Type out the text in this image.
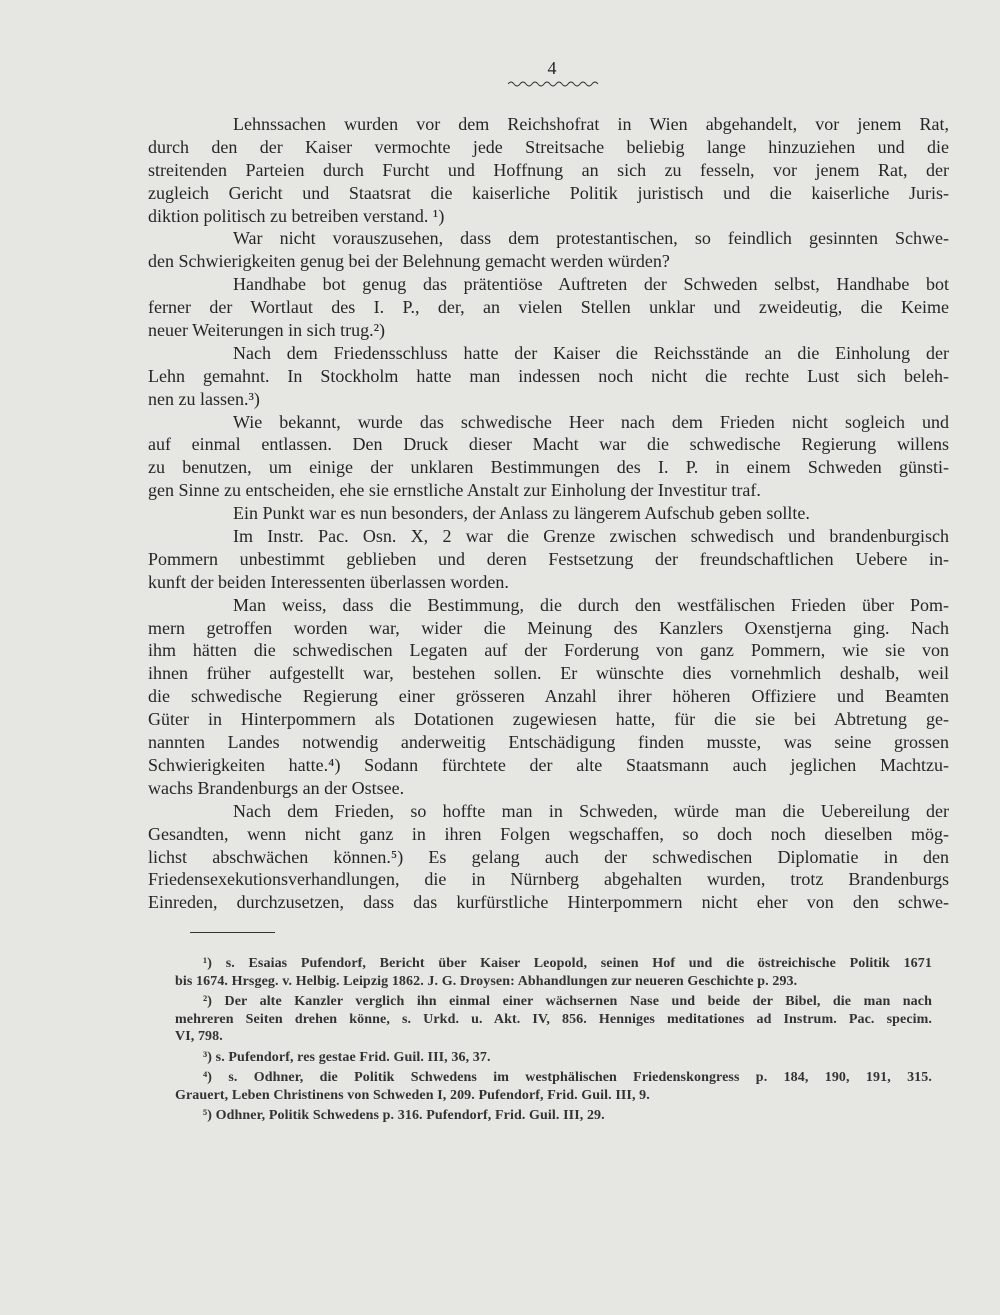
4
Lehnssachen wurden vor dem Reichshofrat in Wien abgehandelt, vor jenem Rat,
durch den der Kaiser vermochte jede Streitsache beliebig lange hinzuziehen und die
streitenden Parteien durch Furcht und Hoffnung an sich zu fesseln, vor jenem Rat, der
zugleich Gericht und Staatsrat die kaiserliche Politik juristisch und die kaiserliche Juris-
diktion politisch zu betreiben verstand. ¹)
War nicht vorauszusehen, dass dem protestantischen, so feindlich gesinnten Schwe-
den Schwierigkeiten genug bei der Belehnung gemacht werden würden?
Handhabe bot genug das prätentiöse Auftreten der Schweden selbst, Handhabe bot
ferner der Wortlaut des I. P., der, an vielen Stellen unklar und zweideutig, die Keime
neuer Weiterungen in sich trug.²)
Nach dem Friedensschluss hatte der Kaiser die Reichsstände an die Einholung der
Lehn gemahnt. In Stockholm hatte man indessen noch nicht die rechte Lust sich beleh-
nen zu lassen.³)
Wie bekannt, wurde das schwedische Heer nach dem Frieden nicht sogleich und
auf einmal entlassen. Den Druck dieser Macht war die schwedische Regierung willens
zu benutzen, um einige der unklaren Bestimmungen des I. P. in einem Schweden günsti-
gen Sinne zu entscheiden, ehe sie ernstliche Anstalt zur Einholung der Investitur traf.
Ein Punkt war es nun besonders, der Anlass zu längerem Aufschub geben sollte.
Im Instr. Pac. Osn. X, 2 war die Grenze zwischen schwedisch und brandenburgisch
Pommern unbestimmt geblieben und deren Festsetzung der freundschaftlichen Uebere in-
kunft der beiden Interessenten überlassen worden.
Man weiss, dass die Bestimmung, die durch den westfälischen Frieden über Pom-
mern getroffen worden war, wider die Meinung des Kanzlers Oxenstjerna ging. Nach
ihm hätten die schwedischen Legaten auf der Forderung von ganz Pommern, wie sie von
ihnen früher aufgestellt war, bestehen sollen. Er wünschte dies vornehmlich deshalb, weil
die schwedische Regierung einer grösseren Anzahl ihrer höheren Offiziere und Beamten
Güter in Hinterpommern als Dotationen zugewiesen hatte, für die sie bei Abtretung ge-
nannten Landes notwendig anderweitig Entschädigung finden musste, was seine grossen
Schwierigkeiten hatte.⁴) Sodann fürchtete der alte Staatsmann auch jeglichen Machtzu-
wachs Brandenburgs an der Ostsee.
Nach dem Frieden, so hoffte man in Schweden, würde man die Uebereilung der
Gesandten, wenn nicht ganz in ihren Folgen wegschaffen, so doch noch dieselben mög-
lichst abschwächen können.⁵) Es gelang auch der schwedischen Diplomatie in den
Friedensexekutionsverhandlungen, die in Nürnberg abgehalten wurden, trotz Brandenburgs
Einreden, durchzusetzen, dass das kurfürstliche Hinterpommern nicht eher von den schwe-
¹) s. Esaias Pufendorf, Bericht über Kaiser Leopold, seinen Hof und die östreichische Politik 1671
bis 1674. Hrsgeg. v. Helbig. Leipzig 1862. J. G. Droysen: Abhandlungen zur neueren Geschichte p. 293.
²) Der alte Kanzler verglich ihn einmal einer wächsernen Nase und beide der Bibel, die man nach
mehreren Seiten drehen könne, s. Urkd. u. Akt. IV, 856. Henniges meditationes ad Instrum. Pac. specim.
VI, 798.
³) s. Pufendorf, res gestae Frid. Guil. III, 36, 37.
⁴) s. Odhner, die Politik Schwedens im westphälischen Friedenskongress p. 184, 190, 191, 315.
Grauert, Leben Christinens von Schweden I, 209. Pufendorf, Frid. Guil. III, 9.
⁵) Odhner, Politik Schwedens p. 316. Pufendorf, Frid. Guil. III, 29.
